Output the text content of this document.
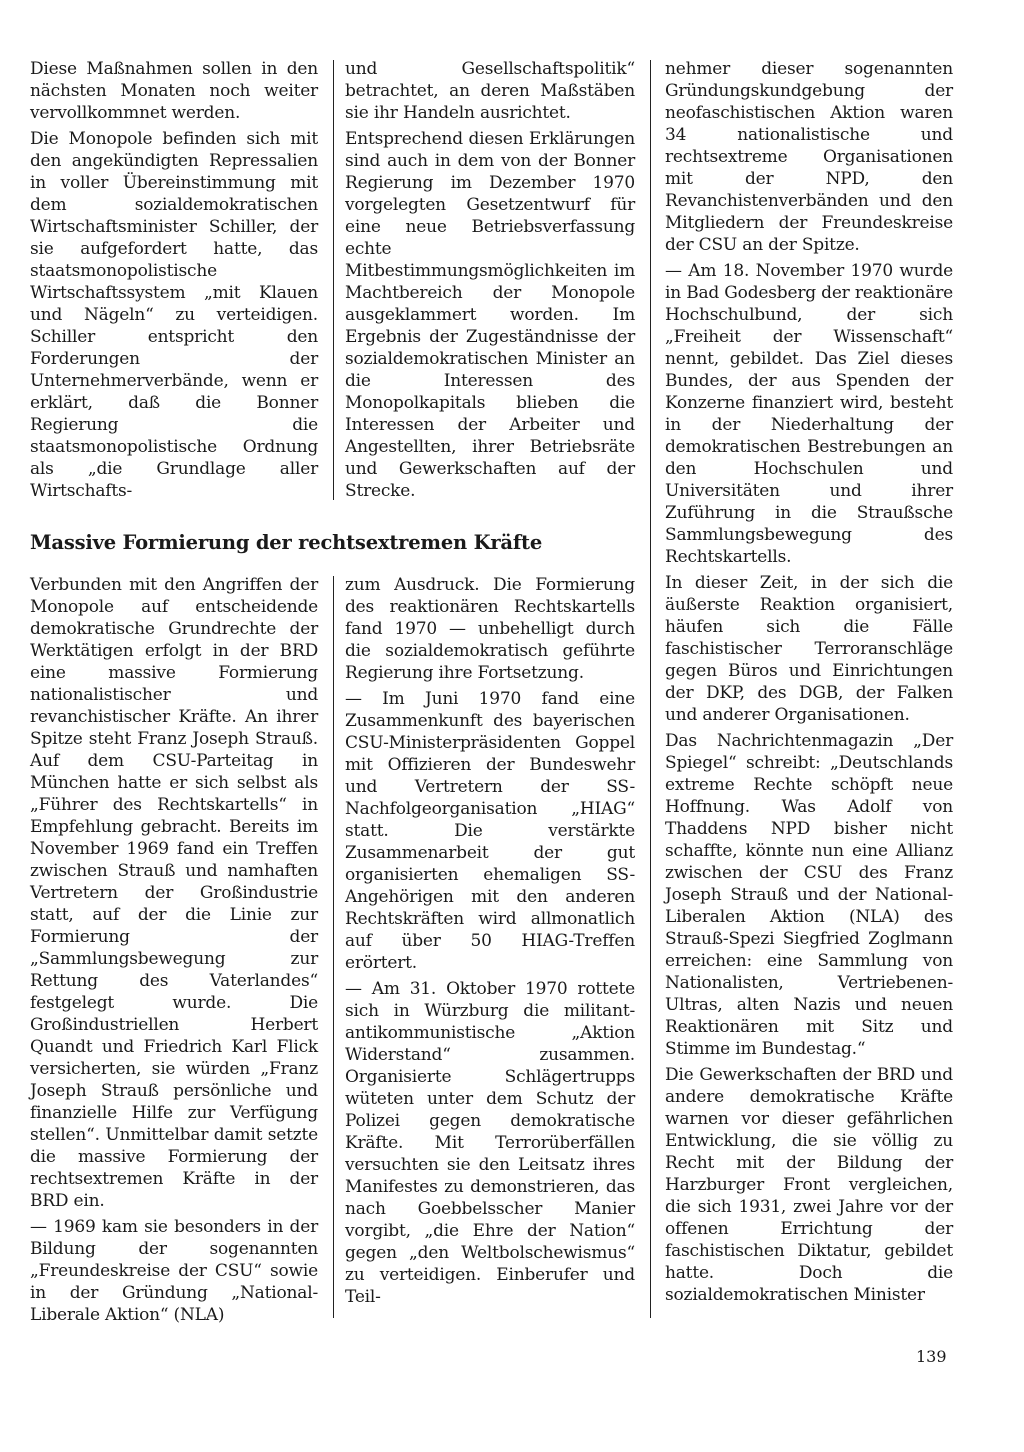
Diese Maßnahmen sollen in den nächsten Monaten noch weiter vervollkommnet werden.

Die Monopole befinden sich mit den angekündigten Repressalien in voller Übereinstimmung mit dem sozialdemokratischen Wirtschaftsminister Schiller, der sie aufgefordert hatte, das staatsmonopolistische Wirtschaftssystem „mit Klauen und Nägeln“ zu verteidigen. Schiller entspricht den Forderungen der Unternehmerverbände, wenn er erklärt, daß die Bonner Regierung die staatsmonopolistische Ordnung als „die Grundlage aller Wirtschafts-

und Gesellschaftspolitik“ betrachtet, an deren Maßstäben sie ihr Handeln ausrichtet.

Entsprechend diesen Erklärungen sind auch in dem von der Bonner Regierung im Dezember 1970 vorgelegten Gesetzentwurf für eine neue Betriebsverfassung echte Mitbestimmungsmöglichkeiten im Machtbereich der Monopole ausgeklammert worden. Im Ergebnis der Zugeständnisse der sozialdemokratischen Minister an die Interessen des Monopolkapitals blieben die Interessen der Arbeiter und Angestellten, ihrer Betriebsräte und Gewerkschaften auf der Strecke.

Massive Formierung der rechtsextremen Kräfte

Verbunden mit den Angriffen der Monopole auf entscheidende demokratische Grundrechte der Werktätigen erfolgt in der BRD eine massive Formierung nationalistischer und revanchistischer Kräfte. An ihrer Spitze steht Franz Joseph Strauß. Auf dem CSU-Parteitag in München hatte er sich selbst als „Führer des Rechtskartells“ in Empfehlung gebracht. Bereits im November 1969 fand ein Treffen zwischen Strauß und namhaften Vertretern der Großindustrie statt, auf der die Linie zur Formierung der „Sammlungsbewegung zur Rettung des Vaterlandes“ festgelegt wurde. Die Großindustriellen Herbert Quandt und Friedrich Karl Flick versicherten, sie würden „Franz Joseph Strauß persönliche und finanzielle Hilfe zur Verfügung stellen“. Unmittelbar damit setzte die massive Formierung der rechtsextremen Kräfte in der BRD ein.

— 1969 kam sie besonders in der Bildung der sogenannten „Freundeskreise der CSU“ sowie in der Gründung „National-Liberale Aktion“ (NLA)

zum Ausdruck. Die Formierung des reaktionären Rechtskartells fand 1970 — unbehelligt durch die sozialdemokratisch geführte Regierung ihre Fortsetzung.

— Im Juni 1970 fand eine Zusammenkunft des bayerischen CSU-Ministerpräsidenten Goppel mit Offizieren der Bundeswehr und Vertretern der SS-Nachfolgeorganisation „HIAG“ statt. Die verstärkte Zusammenarbeit der gut organisierten ehemaligen SS-Angehörigen mit den anderen Rechtskräften wird allmonatlich auf über 50 HIAG-Treffen erörtert.

— Am 31. Oktober 1970 rottete sich in Würzburg die militant-antikommunistische „Aktion Widerstand“ zusammen. Organisierte Schlägertrupps wüteten unter dem Schutz der Polizei gegen demokratische Kräfte. Mit Terrorüberfällen versuchten sie den Leitsatz ihres Manifestes zu demonstrieren, das nach Goebbelsscher Manier vorgibt, „die Ehre der Nation“ gegen „den Weltbolschewismus“ zu verteidigen. Einberufer und Teil-

nehmer dieser sogenannten Gründungskundgebung der neofaschistischen Aktion waren 34 nationalistische und rechtsextreme Organisationen mit der NPD, den Revanchistenverbänden und den Mitgliedern der Freundeskreise der CSU an der Spitze.

— Am 18. November 1970 wurde in Bad Godesberg der reaktionäre Hochschulbund, der sich „Freiheit der Wissenschaft“ nennt, gebildet. Das Ziel dieses Bundes, der aus Spenden der Konzerne finanziert wird, besteht in der Niederhaltung der demokratischen Bestrebungen an den Hochschulen und Universitäten und ihrer Zuführung in die Straußsche Sammlungsbewegung des Rechtskartells.

In dieser Zeit, in der sich die äußerste Reaktion organisiert, häufen sich die Fälle faschistischer Terroranschläge gegen Büros und Einrichtungen der DKP, des DGB, der Falken und anderer Organisationen.

Das Nachrichtenmagazin „Der Spiegel“ schreibt: „Deutschlands extreme Rechte schöpft neue Hoffnung. Was Adolf von Thaddens NPD bisher nicht schaffte, könnte nun eine Allianz zwischen der CSU des Franz Joseph Strauß und der National-Liberalen Aktion (NLA) des Strauß-Spezi Siegfried Zoglmann erreichen: eine Sammlung von Nationalisten, Vertriebenen-Ultras, alten Nazis und neuen Reaktionären mit Sitz und Stimme im Bundestag.“

Die Gewerkschaften der BRD und andere demokratische Kräfte warnen vor dieser gefährlichen Entwicklung, die sie völlig zu Recht mit der Bildung der Harzburger Front vergleichen, die sich 1931, zwei Jahre vor der offenen Errichtung der faschistischen Diktatur, gebildet hatte. Doch die sozialdemokratischen Minister

139
